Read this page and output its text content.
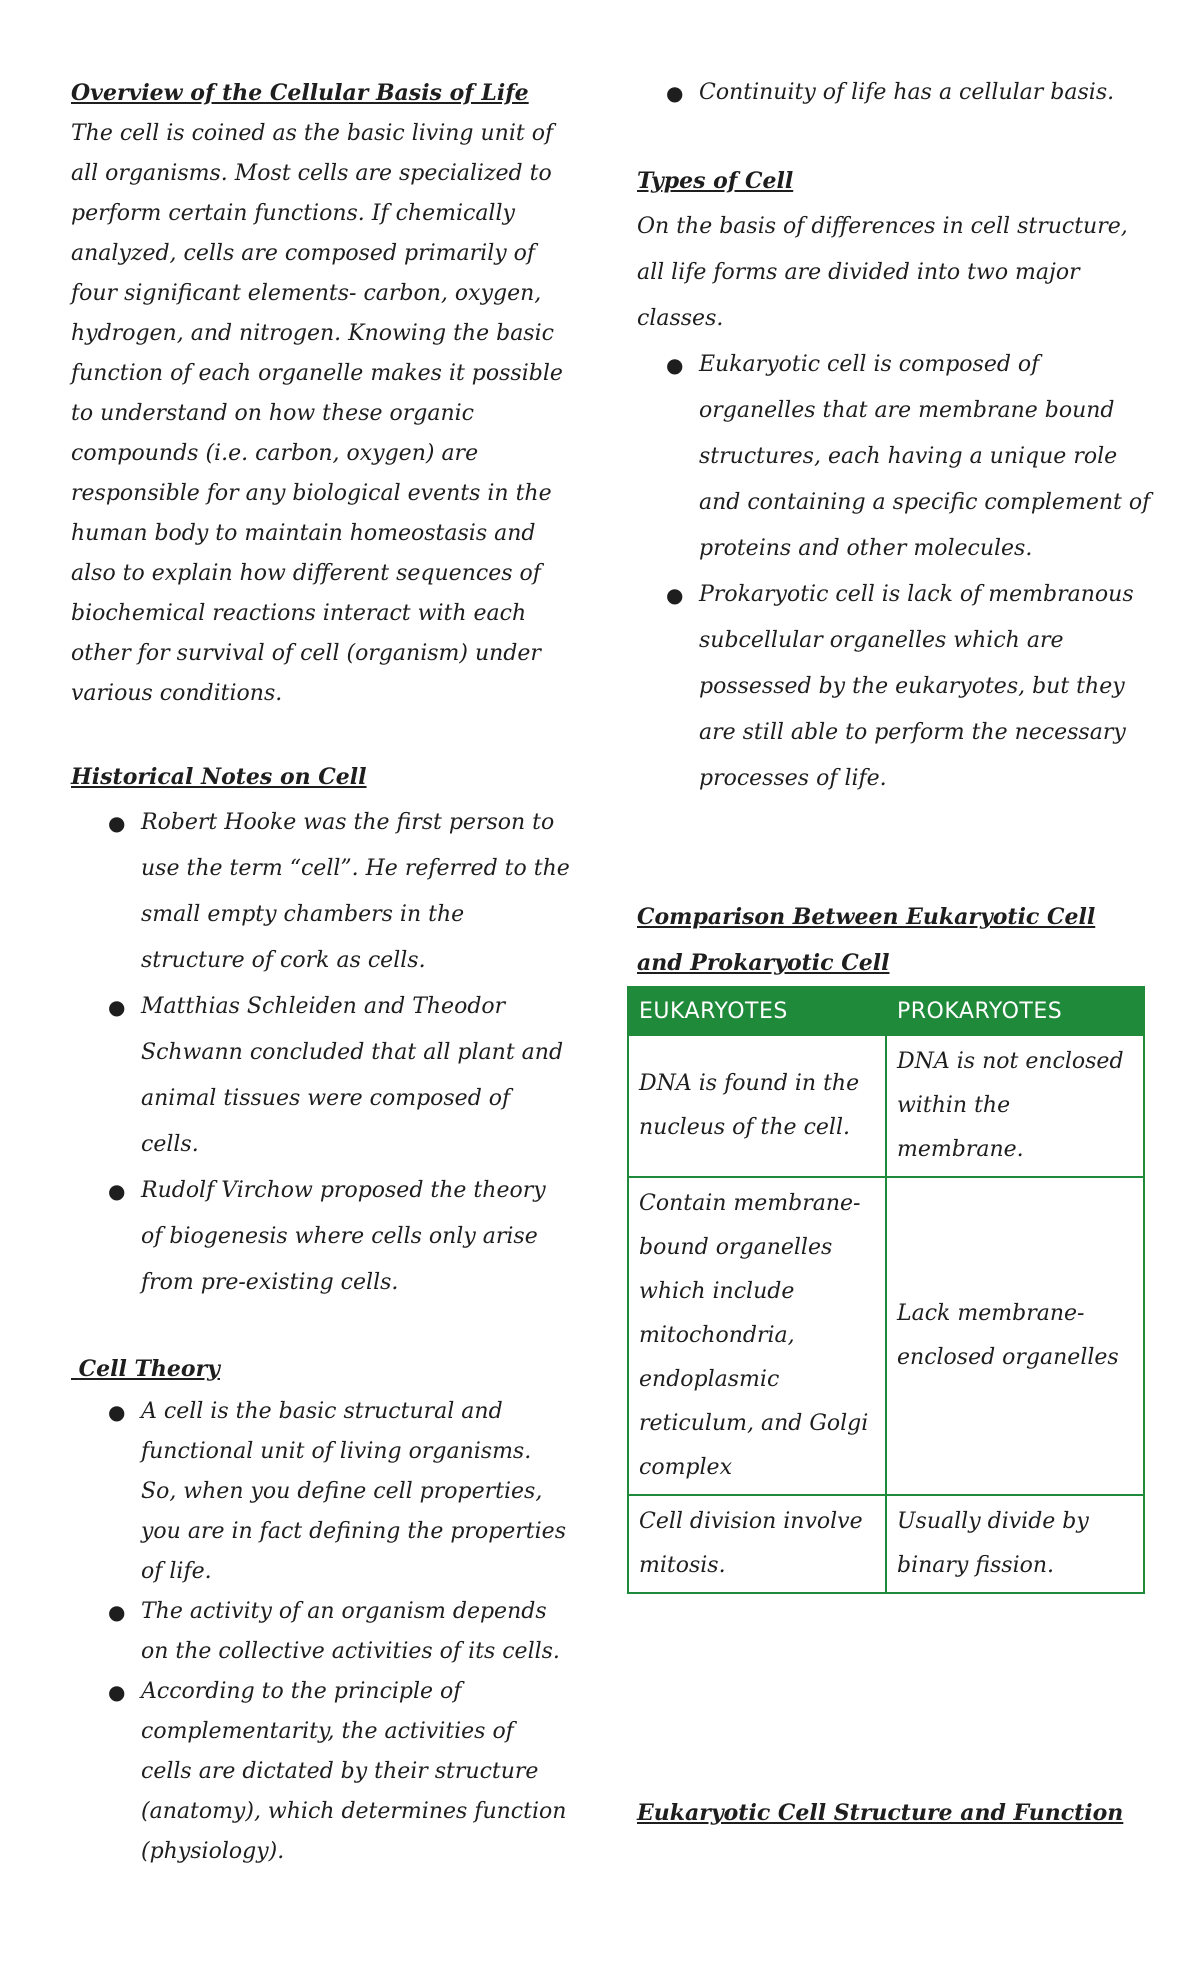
Overview of the Cellular Basis of Life

The cell is coined as the basic living unit of all organisms. Most cells are specialized to perform certain functions. If chemically analyzed, cells are composed primarily of four significant elements- carbon, oxygen, hydrogen, and nitrogen. Knowing the basic function of each organelle makes it possible to understand on how these organic compounds (i.e. carbon, oxygen) are responsible for any biological events in the human body to maintain homeostasis and also to explain how different sequences of biochemical reactions interact with each other for survival of cell (organism) under various conditions.

Historical Notes on Cell
● Robert Hooke was the first person to use the term “cell”. He referred to the small empty chambers in the structure of cork as cells.
● Matthias Schleiden and Theodor Schwann concluded that all plant and animal tissues were composed of cells.
● Rudolf Virchow proposed the theory of biogenesis where cells only arise from pre-existing cells.
Cell Theory
● A cell is the basic structural and functional unit of living organisms. So, when you define cell properties, you are in fact defining the properties of life.
● The activity of an organism depends on the collective activities of its cells.
● According to the principle of complementarity, the activities of cells are dictated by their structure (anatomy), which determines function (physiology).
● Continuity of life has a cellular basis.
Types of Cell

On the basis of differences in cell structure, all life forms are divided into two major classes.

● Eukaryotic cell is composed of organelles that are membrane bound structures, each having a unique role and containing a specific complement of proteins and other molecules.
● Prokaryotic cell is lack of membranous subcellular organelles which are possessed by the eukaryotes, but they are still able to perform the necessary processes of life.
Comparison Between Eukaryotic Cell and Prokaryotic Cell
EUKARYOTES	PROKARYOTES
DNA is found in the nucleus of the cell.	DNA is not enclosed within the membrane.
Contain membrane-bound organelles which include mitochondria, endoplasmic reticulum, and Golgi complex	Lack membrane-enclosed organelles
Cell division involve mitosis.	Usually divide by binary fission.
Eukaryotic Cell Structure and Function
